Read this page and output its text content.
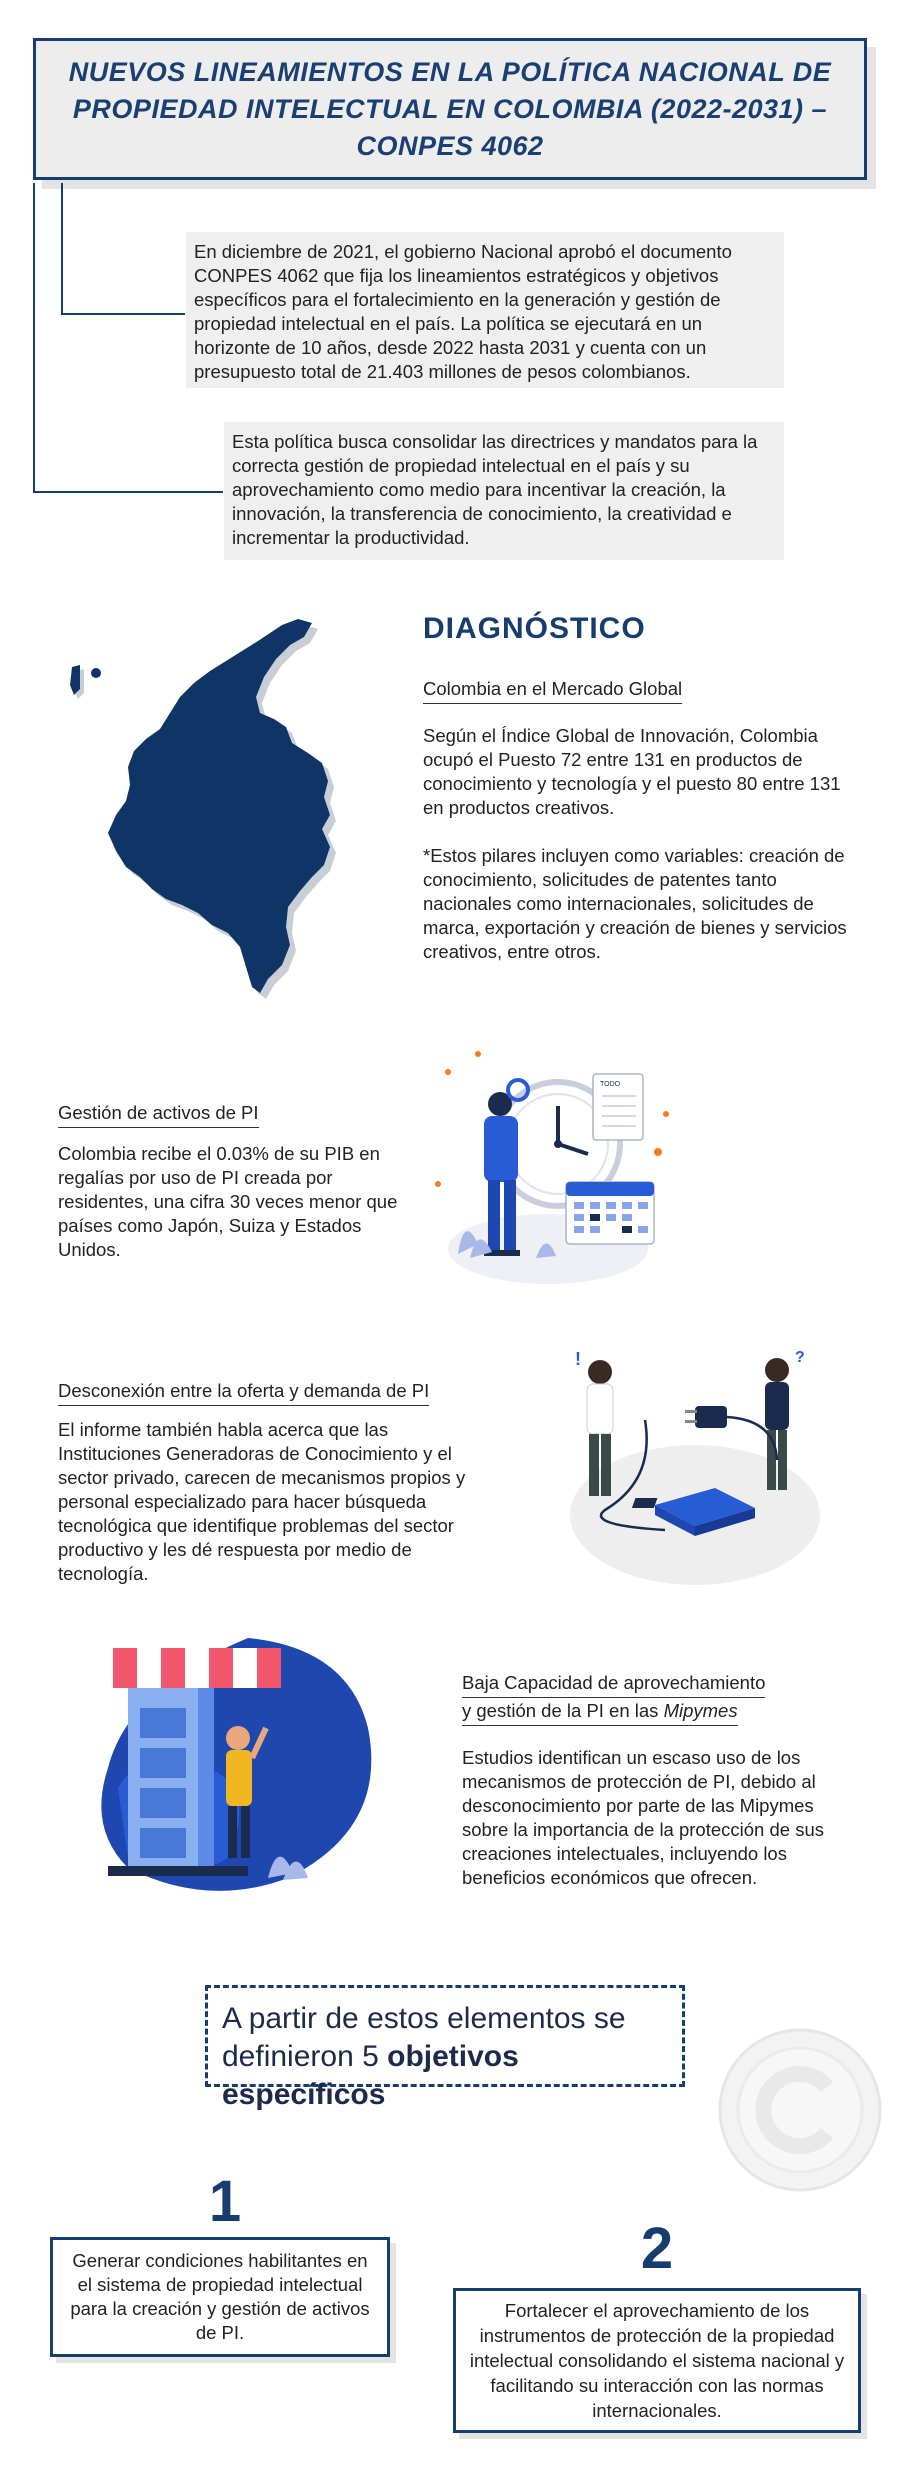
NUEVOS LINEAMIENTOS EN LA POLÍTICA NACIONAL DE PROPIEDAD INTELECTUAL EN COLOMBIA (2022-2031) – CONPES 4062
En diciembre de 2021, el gobierno Nacional aprobó el documento CONPES 4062 que fija los lineamientos estratégicos y objetivos específicos para el fortalecimiento en la generación y gestión de propiedad intelectual en el país. La política se ejecutará en un horizonte de 10 años, desde 2022 hasta 2031 y cuenta con un presupuesto total de 21.403 millones de pesos colombianos.
Esta política busca consolidar las directrices y mandatos para la correcta gestión de propiedad intelectual en el país y su aprovechamiento como medio para incentivar la creación, la innovación, la transferencia de conocimiento, la creatividad e incrementar la productividad.
DIAGNÓSTICO
Colombia en el Mercado Global
Según el Índice Global de Innovación, Colombia ocupó el Puesto 72 entre 131 en productos de conocimiento y tecnología y el puesto 80 entre 131 en productos creativos.
*Estos pilares incluyen como variables: creación de conocimiento, solicitudes de patentes tanto nacionales como internacionales, solicitudes de marca, exportación y creación de bienes y servicios creativos, entre otros.
Gestión de activos de PI
Colombia recibe el 0.03% de su PIB en regalías por uso de PI creada por residentes, una cifra 30 veces menor que países como Japón, Suiza y Estados Unidos.
TODO
Desconexión entre la oferta y demanda de PI
El informe también habla acerca que las Instituciones Generadoras de Conocimiento y el sector privado, carecen de mecanismos propios y personal especializado para hacer búsqueda tecnológica que identifique problemas del sector productivo y les dé respuesta por medio de tecnología.
!	?
Baja Capacidad de aprovechamiento
y gestión de la PI en las Mipymes
Estudios identifican un escaso uso de los mecanismos de protección de PI, debido al desconocimiento por parte de las Mipymes sobre la importancia de la protección de sus creaciones intelectuales, incluyendo los beneficios económicos que ofrecen.
A partir de estos elementos se
definieron 5 objetivos específicos
1
Generar condiciones habilitantes en el sistema de propiedad intelectual para la creación y gestión de activos de PI.
2
Fortalecer el aprovechamiento de los instrumentos de protección de la propiedad intelectual consolidando el sistema nacional y facilitando su interacción con las normas internacionales.
